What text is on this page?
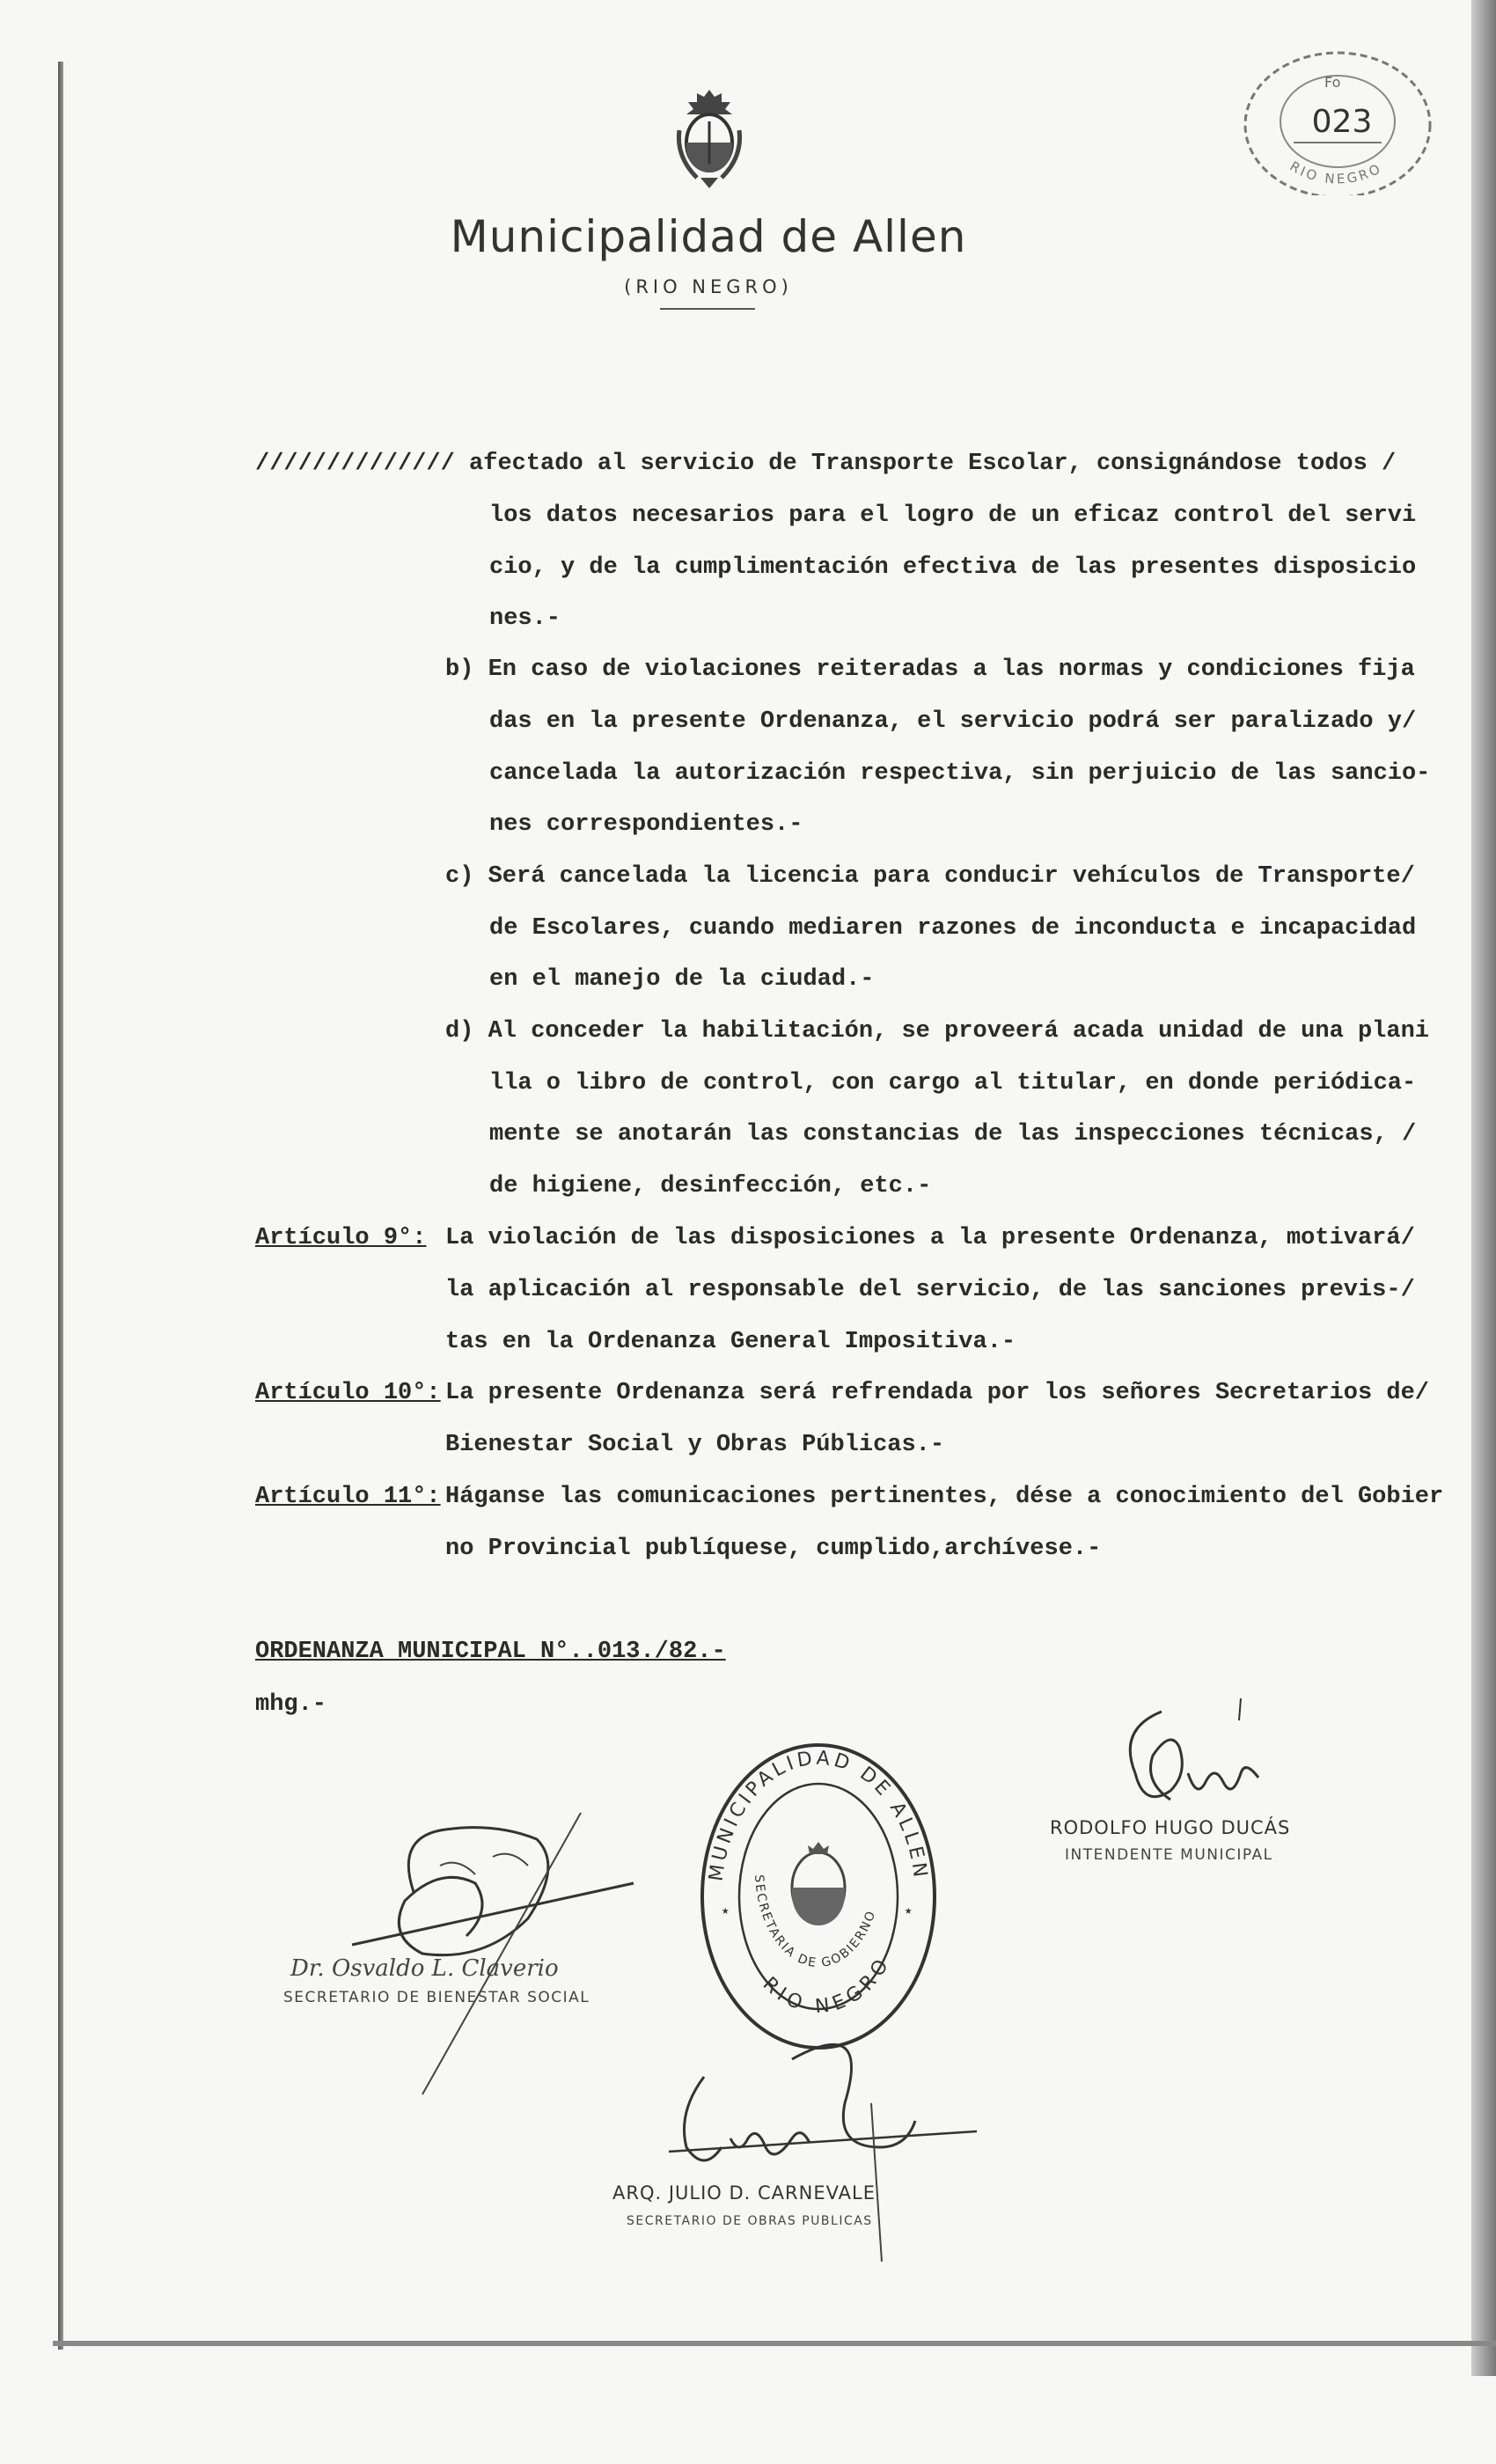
Municipalidad de Allen
(RIO NEGRO)
RIO NEGRO
Fo
023
////////////// afectado al servicio de Transporte Escolar, consignándose todos /
los datos necesarios para el logro de un eficaz control del servi
cio, y de la cumplimentación efectiva de las presentes disposicio
nes.-
b) En caso de violaciones reiteradas a las normas y condiciones fija
das en la presente Ordenanza, el servicio podrá ser paralizado y/
cancelada la autorización respectiva, sin perjuicio de las sancio-
nes correspondientes.-
c) Será cancelada la licencia para conducir vehículos de Transporte/
de Escolares, cuando mediaren razones de inconducta e incapacidad
en el manejo de la ciudad.-
d) Al conceder la habilitación, se proveerá acada unidad de una plani
lla o libro de control, con cargo al titular, en donde periódica-
mente se anotarán las constancias de las inspecciones técnicas, /
de higiene, desinfección, etc.-
Artículo 9°: La violación de las disposiciones a la presente Ordenanza, motivará/
la aplicación al responsable del servicio, de las sanciones previs-/
tas en la Ordenanza General Impositiva.-
Artículo 10°: La presente Ordenanza será refrendada por los señores Secretarios de/
Bienestar Social y Obras Públicas.-
Artículo 11°: Háganse las comunicaciones pertinentes, dése a conocimiento del Gobier
no Provincial publíquese, cumplido,archívese.-
ORDENANZA MUNICIPAL N°..013./82.-
mhg.-
RODOLFO HUGO DUCÁS
INTENDENTE MUNICIPAL
Dr. Osvaldo L. Claverio
SECRETARIO DE BIENESTAR SOCIAL
MUNICIPALIDAD DE ALLEN
SECRETARIA DE GOBIERNO
RIO NEGRO
★	★
ARQ. JULIO D. CARNEVALE
SECRETARIO DE OBRAS PUBLICAS
